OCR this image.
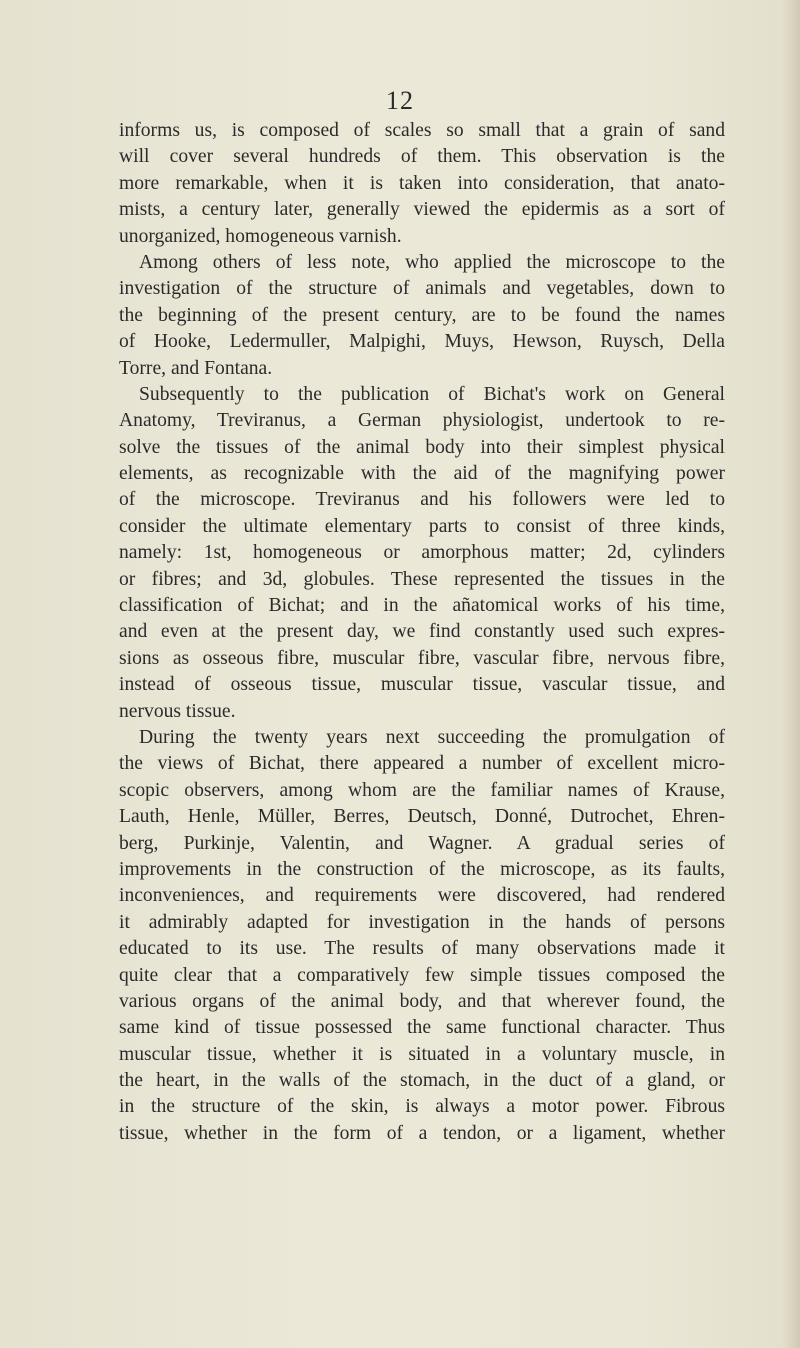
12
informs us, is composed of scales so small that a grain of sand
will cover several hundreds of them. This observation is the
more remarkable, when it is taken into consideration, that anato-
mists, a century later, generally viewed the epidermis as a sort of
unorganized, homogeneous varnish.
Among others of less note, who applied the microscope to the
investigation of the structure of animals and vegetables, down to
the beginning of the present century, are to be found the names
of Hooke, Ledermuller, Malpighi, Muys, Hewson, Ruysch, Della
Torre, and Fontana.
Subsequently to the publication of Bichat's work on General
Anatomy, Treviranus, a German physiologist, undertook to re-
solve the tissues of the animal body into their simplest physical
elements, as recognizable with the aid of the magnifying power
of the microscope. Treviranus and his followers were led to
consider the ultimate elementary parts to consist of three kinds,
namely: 1st, homogeneous or amorphous matter; 2d, cylinders
or fibres; and 3d, globules. These represented the tissues in the
classification of Bichat; and in the añatomical works of his time,
and even at the present day, we find constantly used such expres-
sions as osseous fibre, muscular fibre, vascular fibre, nervous fibre,
instead of osseous tissue, muscular tissue, vascular tissue, and
nervous tissue.
During the twenty years next succeeding the promulgation of
the views of Bichat, there appeared a number of excellent micro-
scopic observers, among whom are the familiar names of Krause,
Lauth, Henle, Müller, Berres, Deutsch, Donné, Dutrochet, Ehren-
berg, Purkinje, Valentin, and Wagner. A gradual series of
improvements in the construction of the microscope, as its faults,
inconveniences, and requirements were discovered, had rendered
it admirably adapted for investigation in the hands of persons
educated to its use. The results of many observations made it
quite clear that a comparatively few simple tissues composed the
various organs of the animal body, and that wherever found, the
same kind of tissue possessed the same functional character. Thus
muscular tissue, whether it is situated in a voluntary muscle, in
the heart, in the walls of the stomach, in the duct of a gland, or
in the structure of the skin, is always a motor power. Fibrous
tissue, whether in the form of a tendon, or a ligament, whether
